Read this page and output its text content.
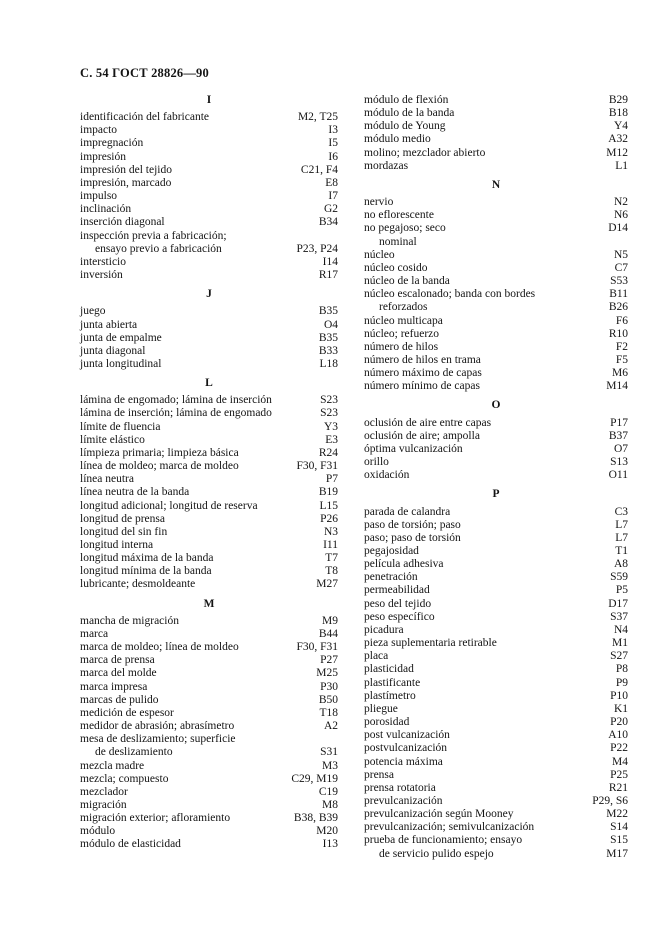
С. 54 ГОСТ 28826—90
I
identificación del fabricante	M2, T25
impacto	I3
impregnación	I5
impresión	I6
impresión del tejido	C21, F4
impresión, marcado	E8
impulso	I7
inclinación	G2
inserción diagonal	B34
inspección previa a fabricación;
ensayo previo a fabricación	P23, P24
intersticio	I14
inversión	R17
J
juego	B35
junta abierta	O4
junta de empalme	B35
junta diagonal	B33
junta longitudinal	L18
L
lámina de engomado; lámina de inserción	S23
lámina de inserción; lámina de engomado	S23
límite de fluencia	Y3
límite elástico	E3
límpieza primaria; limpieza básica	R24
línea de moldeo; marca de moldeo	F30, F31
línea neutra	P7
línea neutra de la banda	B19
longitud adicional; longitud de reserva	L15
longitud de prensa	P26
longitud del sin fin	N3
longitud interna	I11
longitud máxima de la banda	T7
longitud mínima de la banda	T8
lubricante; desmoldeante	M27
M
mancha de migración	M9
marca	B44
marca de moldeo; línea de moldeo	F30, F31
marca de prensa	P27
marca del molde	M25
marca impresa	P30
marcas de pulido	B50
medición de espesor	T18
medidor de abrasión; abrasímetro	A2
mesa de deslizamiento; superficie
de deslizamiento	S31
mezcla madre	M3
mezcla; compuesto	C29, M19
mezclador	C19
migración	M8
migración exterior; afloramiento	B38, B39
módulo	M20
módulo de elasticidad	I13
módulo de flexión	B29
módulo de la banda	B18
módulo de Young	Y4
módulo medio	A32
molino; mezclador abierto	M12
mordazas	L1
N
nervio	N2
no eflorescente	N6
no pegajoso; seco	D14
nominal
núcleo	N5
núcleo cosido	C7
núcleo de la banda	S53
núcleo escalonado; banda con bordes	B11
reforzados	B26
núcleo multicapa	F6
núcleo; refuerzo	R10
número de hilos	F2
número de hilos en trama	F5
número máximo de capas	M6
número mínimo de capas	M14
O
oclusión de aire entre capas	P17
oclusión de aire; ampolla	B37
óptima vulcanización	O7
orillo	S13
oxidación	O11
P
parada de calandra	C3
paso de torsión; paso	L7
paso; paso de torsión	L7
pegajosidad	T1
película adhesiva	A8
penetración	S59
permeabilidad	P5
peso del tejido	D17
peso específico	S37
picadura	N4
pieza suplementaria retirable	M1
placa	S27
plasticidad	P8
plastificante	P9
plastímetro	P10
pliegue	K1
porosidad	P20
post vulcanización	A10
postvulcanización	P22
potencia máxima	M4
prensa	P25
prensa rotatoria	R21
prevulcanización	P29, S6
prevulcanización según Mooney	M22
prevulcanización; semivulcanización	S14
prueba de funcionamiento; ensayo	S15
de servicio pulido espejo	M17
